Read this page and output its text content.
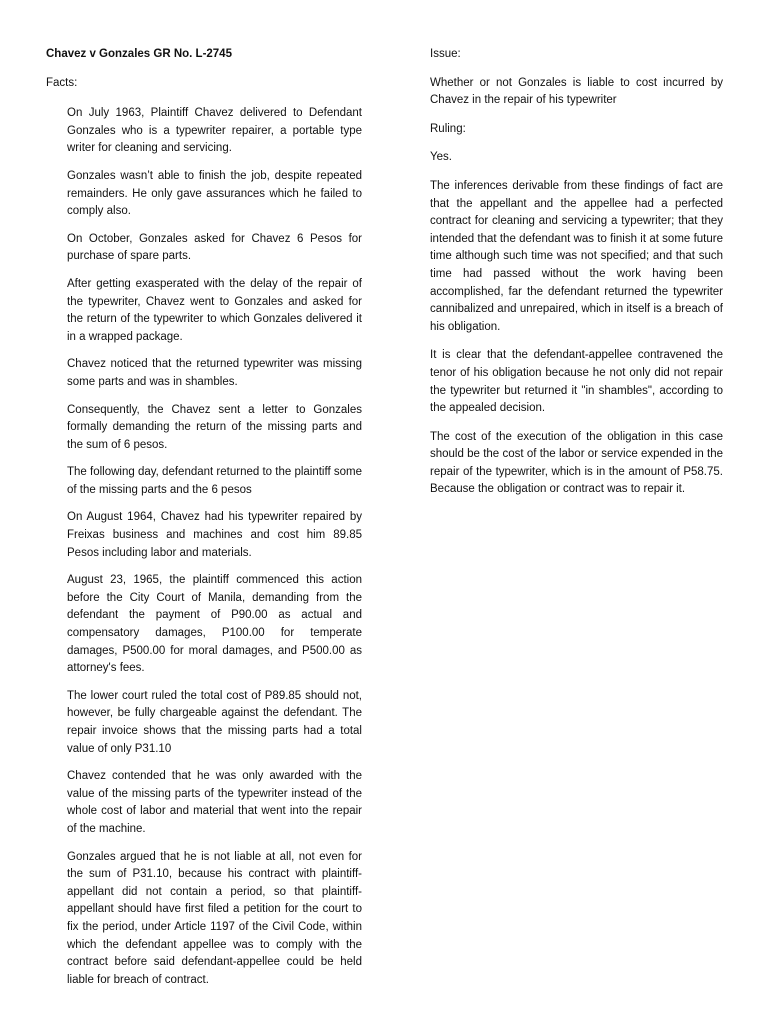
Chavez v Gonzales GR No. L-2745
Facts:

On July 1963, Plaintiff Chavez delivered to Defendant Gonzales who is a typewriter repairer, a portable type writer for cleaning and servicing.

Gonzales wasn’t able to finish the job, despite repeated remainders. He only gave assurances which he failed to comply also.

On October, Gonzales asked for Chavez 6 Pesos for purchase of spare parts.

After getting exasperated with the delay of the repair of the typewriter, Chavez went to Gonzales and asked for the return of the typewriter to which Gonzales delivered it in a wrapped package.

Chavez noticed that the returned typewriter was missing some parts and was in shambles.

Consequently, the Chavez sent a letter to Gonzales formally demanding the return of the missing parts and the sum of 6 pesos.

The following day, defendant returned to the plaintiff some of the missing parts and the 6 pesos

On August 1964, Chavez had his typewriter repaired by Freixas business and machines and cost him 89.85 Pesos including labor and materials.

August 23, 1965, the plaintiff commenced this action before the City Court of Manila, demanding from the defendant the payment of P90.00 as actual and compensatory damages, P100.00 for temperate damages, P500.00 for moral damages, and P500.00 as attorney's fees.

The lower court ruled the total cost of P89.85 should not, however, be fully chargeable against the defendant. The repair invoice shows that the missing parts had a total value of only P31.10

Chavez contended that he was only awarded with the value of the missing parts of the typewriter instead of the whole cost of labor and material that went into the repair of the machine.

Gonzales argued that he is not liable at all, not even for the sum of P31.10, because his contract with plaintiff-appellant did not contain a period, so that plaintiff-appellant should have first filed a petition for the court to fix the period, under Article 1197 of the Civil Code, within which the defendant appellee was to comply with the contract before said defendant-appellee could be held liable for breach of contract.

Issue:

Whether or not Gonzales is liable to cost incurred by Chavez in the repair of his typewriter

Ruling:

Yes.

The inferences derivable from these findings of fact are that the appellant and the appellee had a perfected contract for cleaning and servicing a typewriter; that they intended that the defendant was to finish it at some future time although such time was not specified; and that such time had passed without the work having been accomplished, far the defendant returned the typewriter cannibalized and unrepaired, which in itself is a breach of his obligation.

It is clear that the defendant-appellee contravened the tenor of his obligation because he not only did not repair the typewriter but returned it "in shambles", according to the appealed decision.

The cost of the execution of the obligation in this case should be the cost of the labor or service expended in the repair of the typewriter, which is in the amount of P58.75. Because the obligation or contract was to repair it.
